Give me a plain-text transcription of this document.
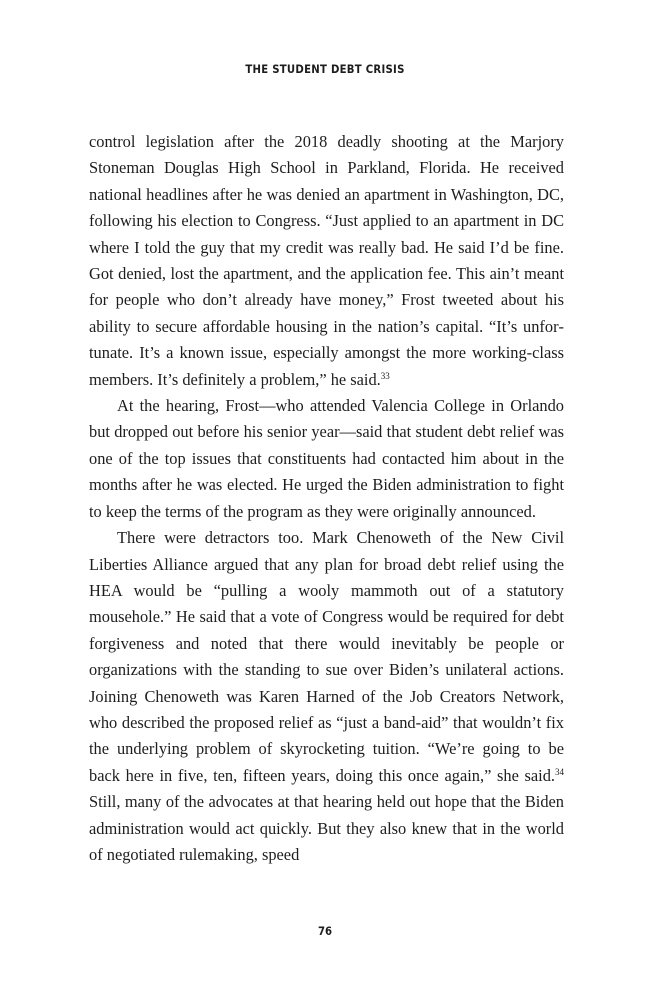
THE STUDENT DEBT CRISIS

control legislation after the 2018 deadly shooting at the Marjory Stoneman Douglas High School in Parkland, Florida. He received national headlines after he was denied an apartment in Washington, DC, following his election to Congress. “Just applied to an apartment in DC where I told the guy that my credit was really bad. He said I’d be fine. Got denied, lost the apartment, and the application fee. This ain’t meant for people who don’t already have money,” Frost tweeted about his ability to secure affordable housing in the nation’s capital. “It’s unfortunate. It’s a known issue, especially amongst the more working-class members. It’s definitely a problem,” he said.$^{33}$

At the hearing, Frost—who attended Valencia College in Orlando but dropped out before his senior year—said that student debt relief was one of the top issues that constituents had contacted him about in the months after he was elected. He urged the Biden administration to fight to keep the terms of the program as they were originally announced.

There were detractors too. Mark Chenoweth of the New Civil Liberties Alliance argued that any plan for broad debt relief using the HEA would be “pulling a wooly mammoth out of a statutory mousehole.” He said that a vote of Congress would be required for debt forgiveness and noted that there would inevitably be people or organizations with the standing to sue over Biden’s unilateral actions. Joining Chenoweth was Karen Harned of the Job Creators Network, who described the proposed relief as “just a band-aid” that wouldn’t fix the underlying problem of skyrocketing tuition. “We’re going to be back here in five, ten, fifteen years, doing this once again,” she said.$^{34}$ Still, many of the advocates at that hearing held out hope that the Biden administration would act quickly. But they also knew that in the world of negotiated rulemaking, speed

76
